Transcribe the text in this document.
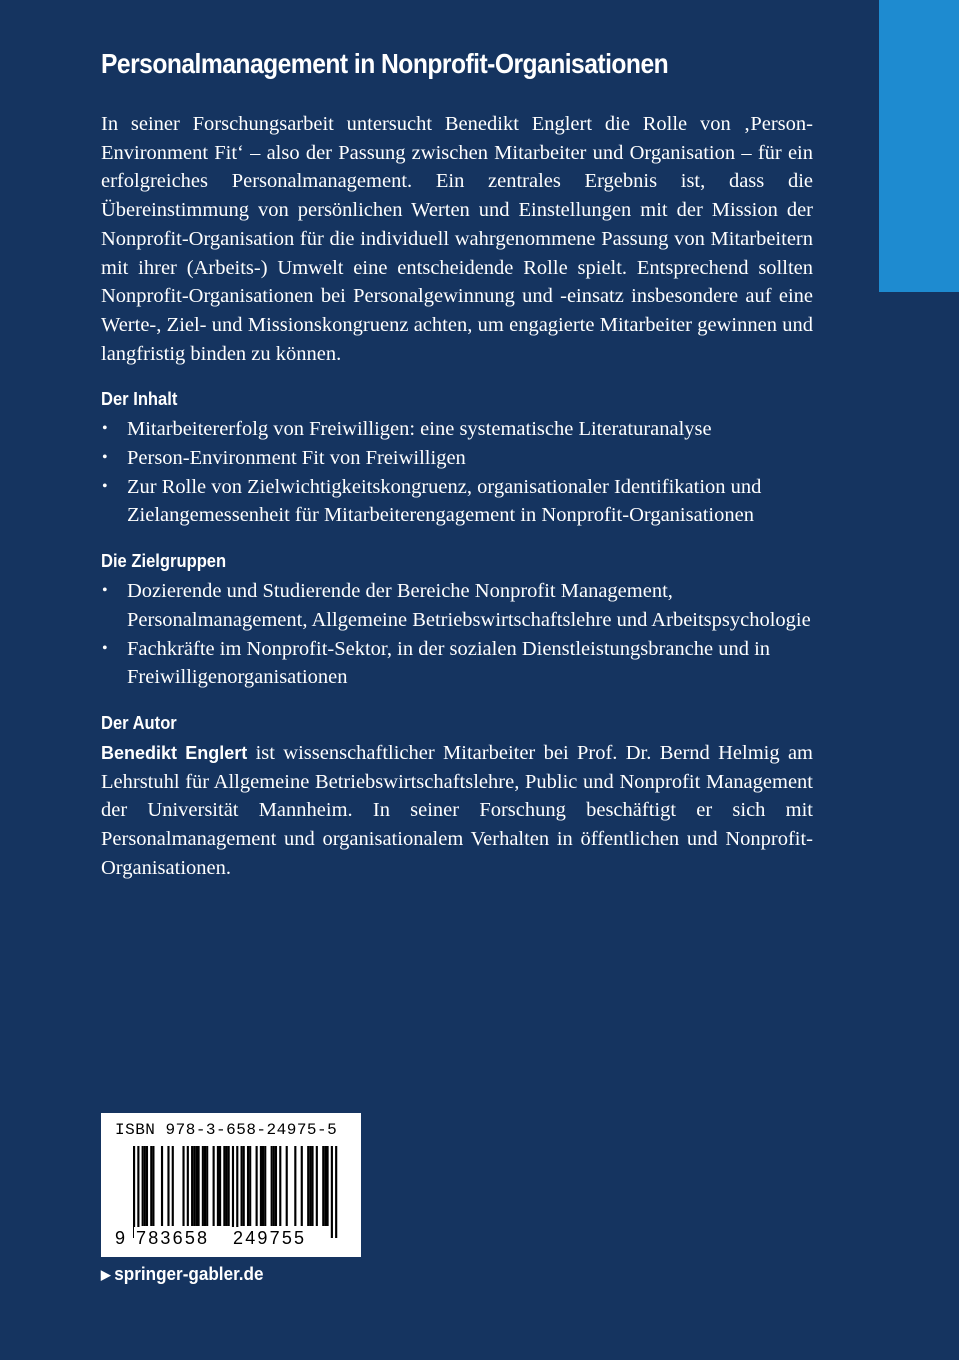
Personalmanagement in Nonprofit-Organisationen

In seiner Forschungsarbeit untersucht Benedikt Englert die Rolle von ‚Person-Environment Fit‘ – also der Passung zwischen Mitarbeiter und Organisation – für ein erfolgreiches Personalmanagement. Ein zentrales Ergebnis ist, dass die Übereinstimmung von persönlichen Werten und Einstellungen mit der Mission der Nonprofit-Organisation für die individuell wahrgenommene Passung von Mitarbeitern mit ihrer (Arbeits-) Umwelt eine entscheidende Rolle spielt. Entsprechend sollten Nonprofit-Organisationen bei Personalgewinnung und -einsatz insbesondere auf eine Werte-, Ziel- und Missionskongruenz achten, um engagierte Mitarbeiter gewinnen und langfristig binden zu können.

Der Inhalt
• Mitarbeitererfolg von Freiwilligen: eine systematische Literaturanalyse
• Person-Environment Fit von Freiwilligen
• Zur Rolle von Zielwichtigkeitskongruenz, organisationaler Identifikation und Zielangemessenheit für Mitarbeiterengagement in Nonprofit-Organisationen
Die Zielgruppen
• Dozierende und Studierende der Bereiche Nonprofit Management, Personalmanagement, Allgemeine Betriebswirtschaftslehre und Arbeitspsychologie
• Fachkräfte im Nonprofit-Sektor, in der sozialen Dienstleistungsbranche und in Freiwilligenorganisationen
Der Autor

Benedikt Englert ist wissenschaftlicher Mitarbeiter bei Prof. Dr. Bernd Helmig am Lehrstuhl für Allgemeine Betriebswirtschaftslehre, Public und Nonprofit Management der Universität Mannheim. In seiner Forschung beschäftigt er sich mit Personalmanagement und organisationalem Verhalten in öffentlichen und Nonprofit-Organisationen.

ISBN 978-3-658-24975-5
9 783658 249755
▶ springer-gabler.de
